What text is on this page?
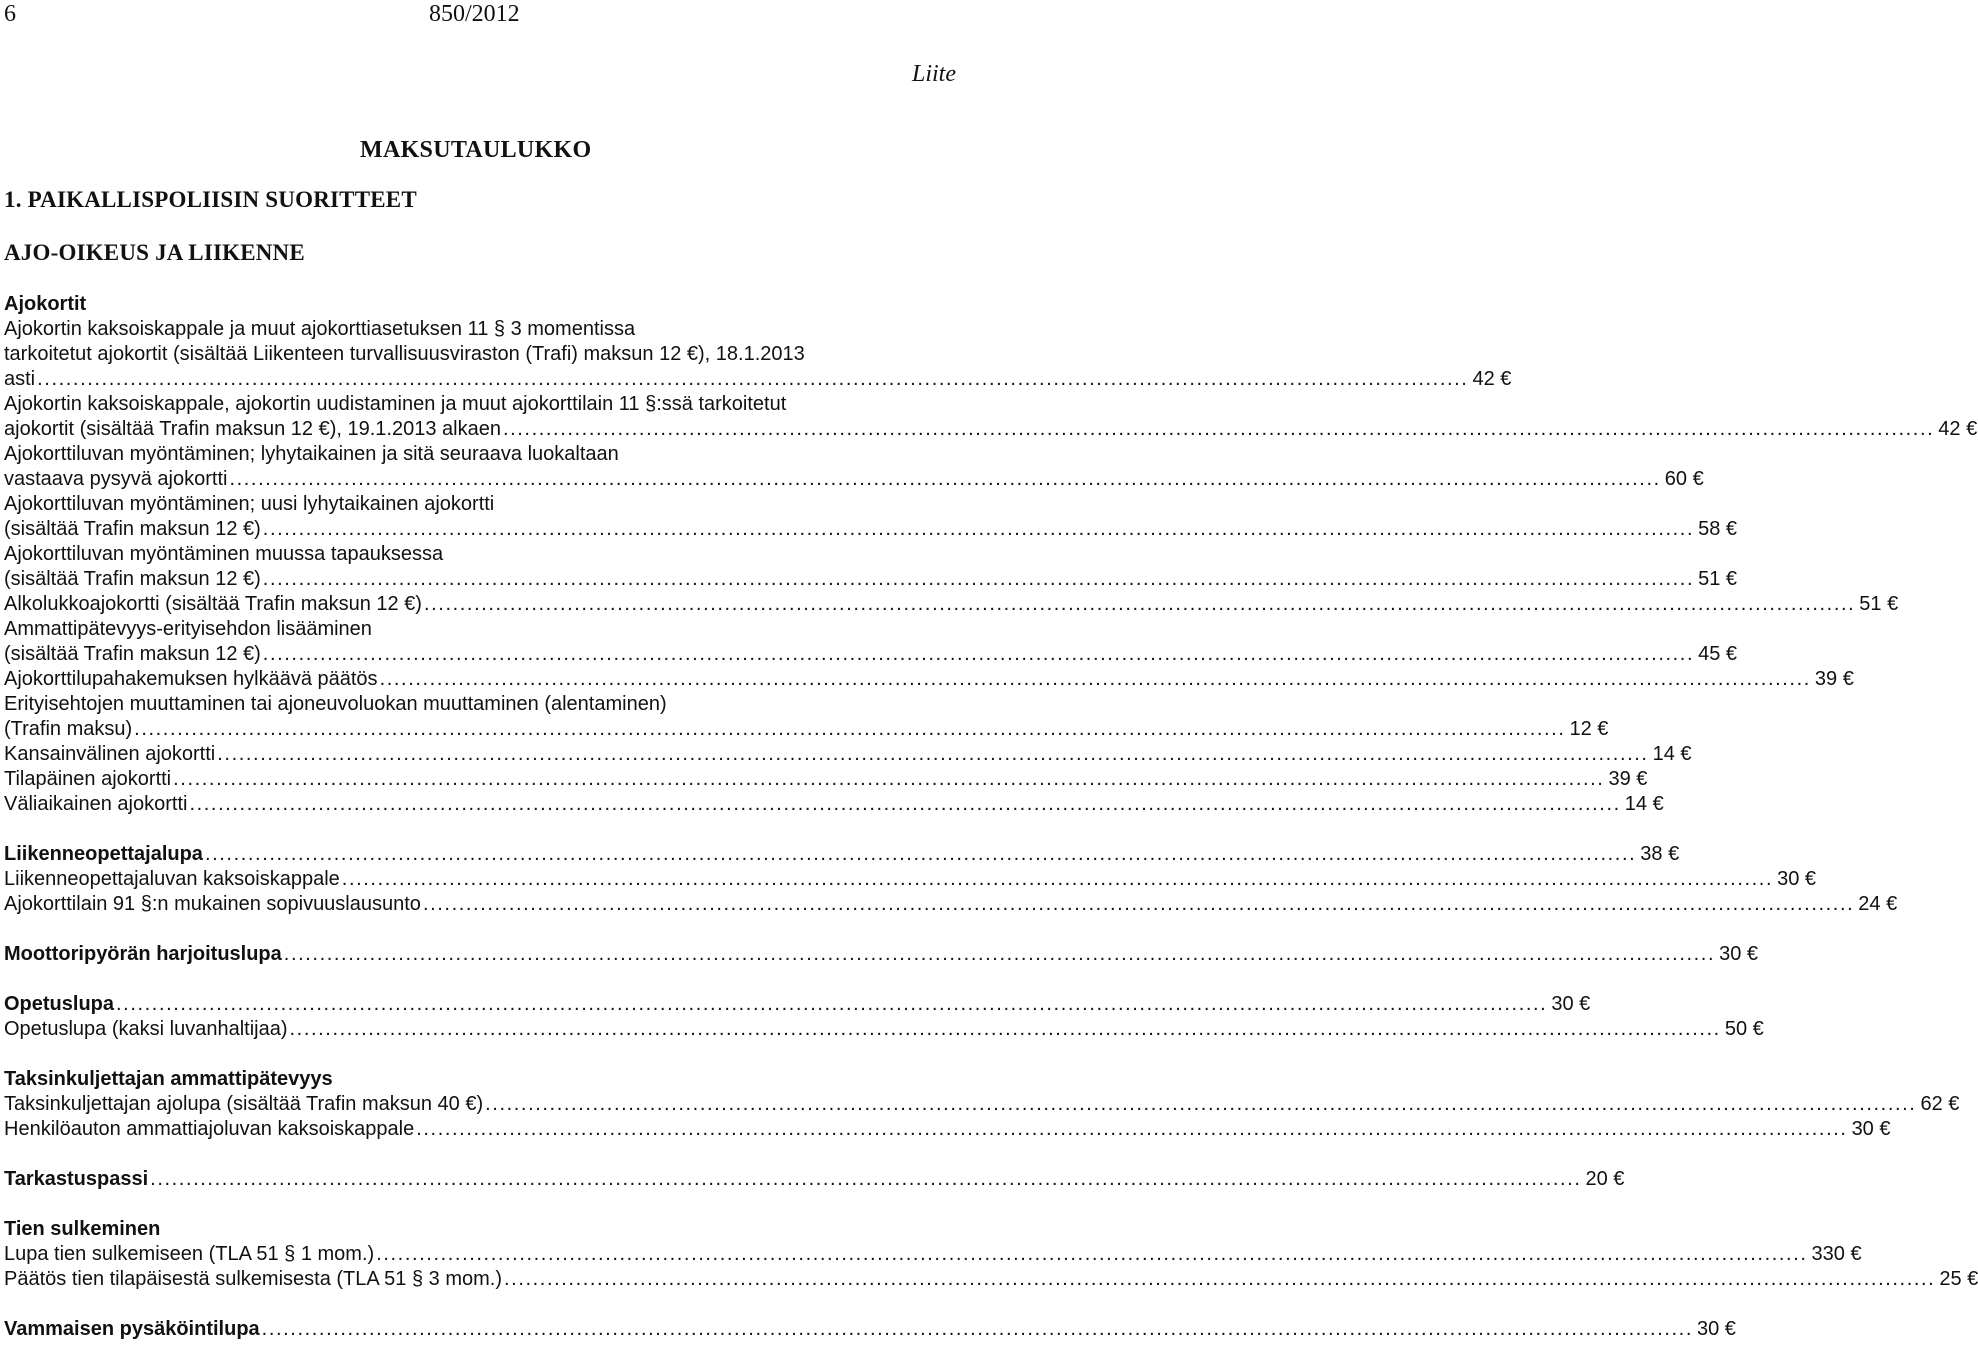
6	850/2012
Liite
MAKSUTAULUKKO
1. PAIKALLISPOLIISIN SUORITTEET
AJO-OIKEUS JA LIIKENNE
Ajokortit
Ajokortin kaksoiskappale ja muut ajokorttiasetuksen 11 § 3 momentissa
tarkoitetut ajokortit (sisältää Liikenteen turvallisuusviraston (Trafi) maksun 12 €), 18.1.2013
asti ........................................................................................................................................................................................................ 42 €
Ajokortin kaksoiskappale, ajokortin uudistaminen ja muut ajokorttilain 11 §:ssä tarkoitetut
ajokortit (sisältää Trafin maksun 12 €), 19.1.2013 alkaen ........................................................................................................................................................................................................ 42 €
Ajokorttiluvan myöntäminen; lyhytaikainen ja sitä seuraava luokaltaan
vastaava pysyvä ajokortti ........................................................................................................................................................................................................ 60 €
Ajokorttiluvan myöntäminen; uusi lyhytaikainen ajokortti
(sisältää Trafin maksun 12 €) ........................................................................................................................................................................................................ 58 €
Ajokorttiluvan myöntäminen muussa tapauksessa
(sisältää Trafin maksun 12 €) ........................................................................................................................................................................................................ 51 €
Alkolukkoajokortti (sisältää Trafin maksun 12 €) ........................................................................................................................................................................................................ 51 €
Ammattipätevyys-erityisehdon lisääminen
(sisältää Trafin maksun 12 €) ........................................................................................................................................................................................................ 45 €
Ajokorttilupahakemuksen hylkäävä päätös ........................................................................................................................................................................................................ 39 €
Erityisehtojen muuttaminen tai ajoneuvoluokan muuttaminen (alentaminen)
(Trafin maksu) ........................................................................................................................................................................................................ 12 €
Kansainvälinen ajokortti ........................................................................................................................................................................................................ 14 €
Tilapäinen ajokortti ........................................................................................................................................................................................................ 39 €
Väliaikainen ajokortti ........................................................................................................................................................................................................ 14 €
Liikenneopettajalupa ........................................................................................................................................................................................................ 38 €
Liikenneopettajaluvan kaksoiskappale ........................................................................................................................................................................................................ 30 €
Ajokorttilain 91 §:n mukainen sopivuuslausunto ........................................................................................................................................................................................................ 24 €
Moottoripyörän harjoituslupa ........................................................................................................................................................................................................ 30 €
Opetuslupa ........................................................................................................................................................................................................ 30 €
Opetuslupa (kaksi luvanhaltijaa) ........................................................................................................................................................................................................ 50 €
Taksinkuljettajan ammattipätevyys
Taksinkuljettajan ajolupa (sisältää Trafin maksun 40 €) ........................................................................................................................................................................................................ 62 €
Henkilöauton ammattiajoluvan kaksoiskappale ........................................................................................................................................................................................................ 30 €
Tarkastuspassi ........................................................................................................................................................................................................ 20 €
Tien sulkeminen
Lupa tien sulkemiseen (TLA 51 § 1 mom.) ........................................................................................................................................................................................................ 330 €
Päätös tien tilapäisestä sulkemisesta (TLA 51 § 3 mom.) ........................................................................................................................................................................................................ 25 €
Vammaisen pysäköintilupa ........................................................................................................................................................................................................ 30 €
